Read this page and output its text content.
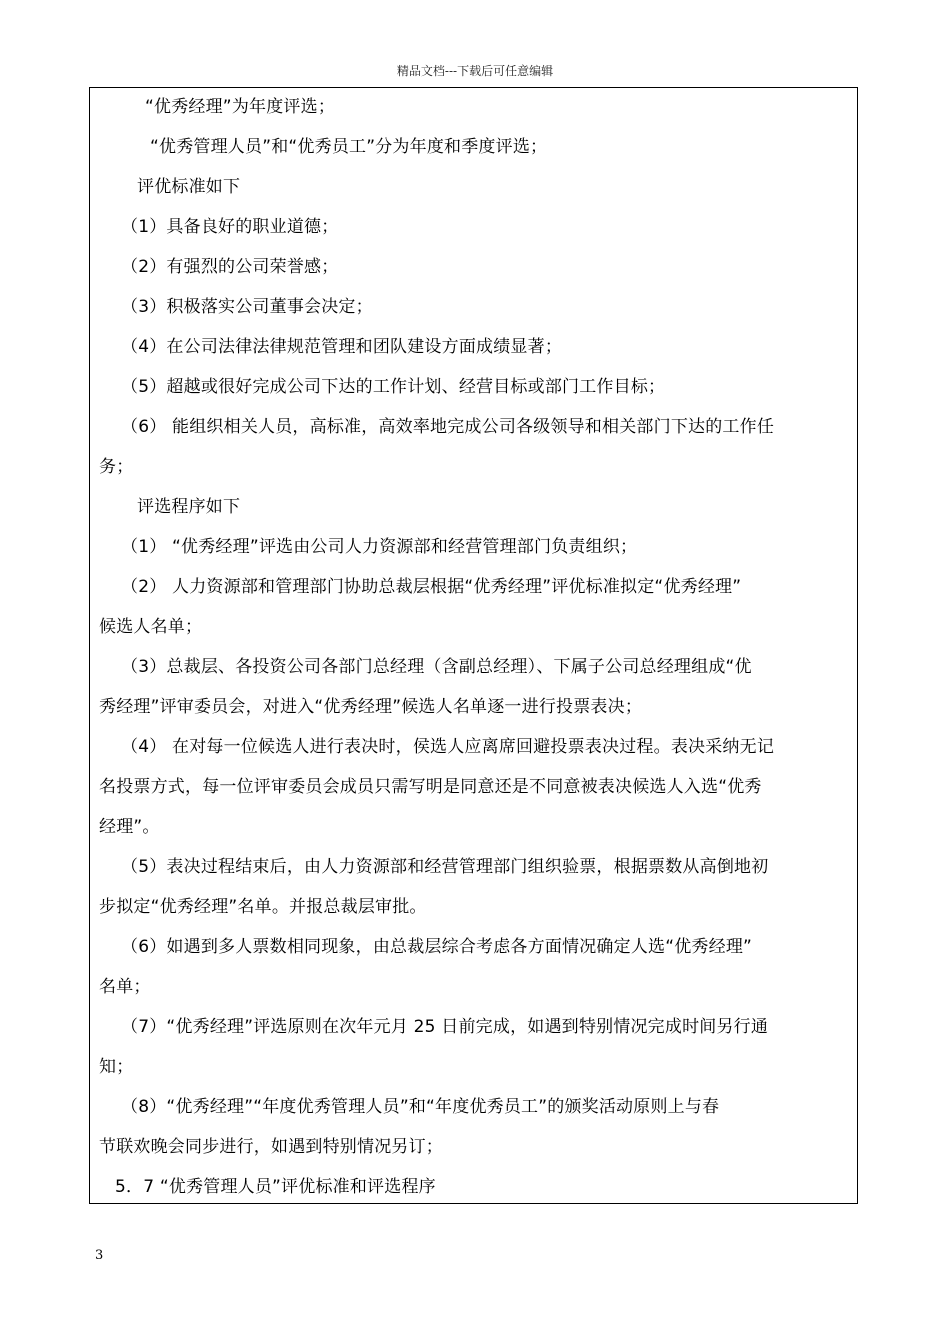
精品文档---下载后可任意编辑
“优秀经理”为年度评选；
“优秀管理人员”和“优秀员工”分为年度和季度评选；
评优标准如下
（1）具备良好的职业道德；
（2）有强烈的公司荣誉感；
（3）积极落实公司董事会决定；
（4）在公司法律法律规范管理和团队建设方面成绩显著；
（5）超越或很好完成公司下达的工作计划、经营目标或部门工作目标；
（6） 能组织相关人员，高标准，高效率地完成公司各级领导和相关部门下达的工作任
务；
评选程序如下
（1） “优秀经理”评选由公司人力资源部和经营管理部门负责组织；
（2） 人力资源部和管理部门协助总裁层根据“优秀经理”评优标准拟定“优秀经理”
候选人名单；
（3）总裁层、各投资公司各部门总经理（含副总经理）、下属子公司总经理组成“优
秀经理”评审委员会，对进入“优秀经理”候选人名单逐一进行投票表决；
（4） 在对每一位候选人进行表决时，侯选人应离席回避投票表决过程。表决采纳无记
名投票方式，每一位评审委员会成员只需写明是同意还是不同意被表决候选人入选“优秀
经理”。
（5）表决过程结束后，由人力资源部和经营管理部门组织验票，根据票数从高倒地初
步拟定“优秀经理”名单。并报总裁层审批。
（6）如遇到多人票数相同现象，由总裁层综合考虑各方面情况确定人选“优秀经理”
名单；
（7）“优秀经理”评选原则在次年元月 25 日前完成，如遇到特别情况完成时间另行通
知；
（8）“优秀经理”“年度优秀管理人员”和“年度优秀员工”的颁奖活动原则上与春
节联欢晚会同步进行，如遇到特别情况另订；
5．7 “优秀管理人员”评优标准和评选程序
3
